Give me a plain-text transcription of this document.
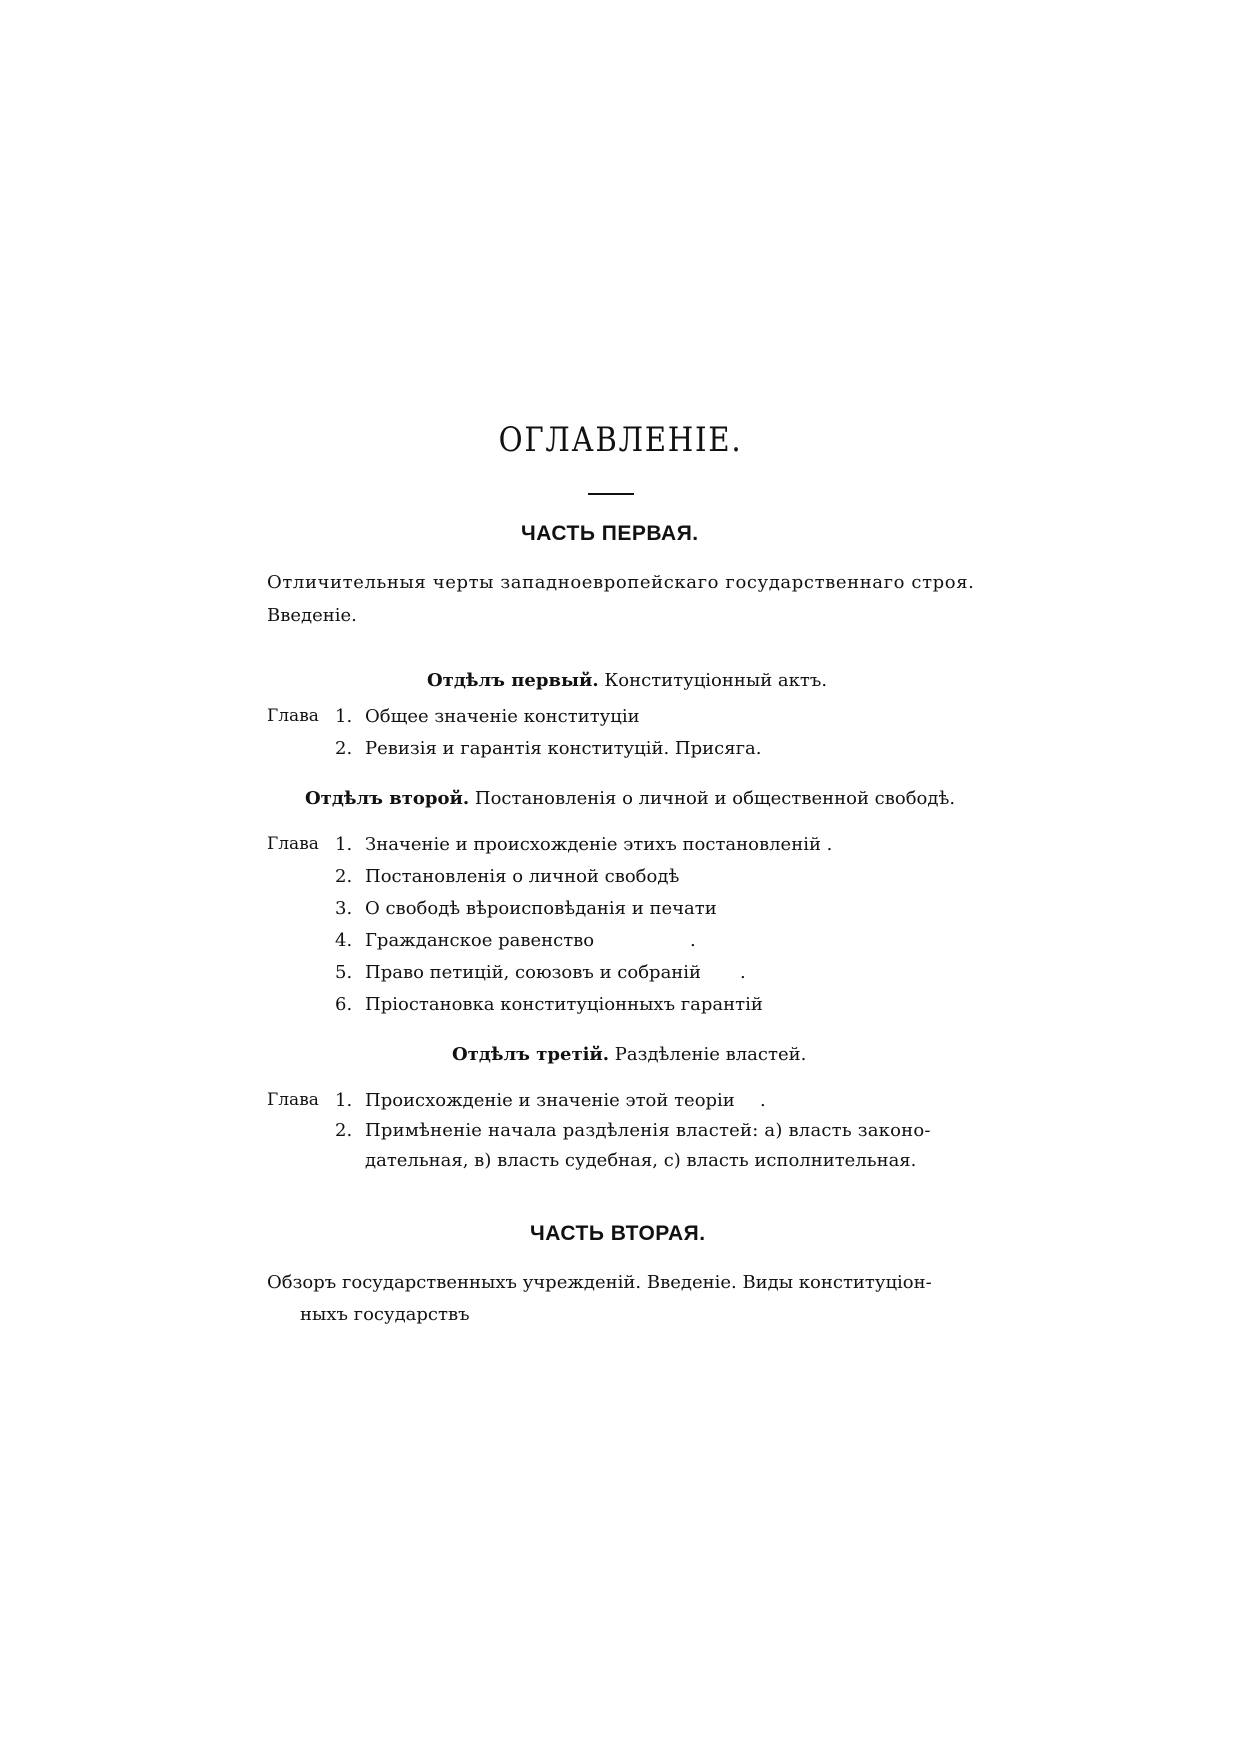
ОГЛАВЛЕНІЕ.
ЧАСТЬ ПЕРВАЯ.
Отличительныя черты западноевропейскаго государственнаго строя.
Введеніе.
Отдѣлъ первый. Конституціонный актъ.
Глава 1. Общее значеніе конституціи
2. Ревизія и гарантія конституцій. Присяга.
Отдѣлъ второй. Постановленія о личной и общественной свободѣ.
Глава 1. Значеніе и происхожденіе этихъ постановленій .
2. Постановленія о личной свободѣ
3. О свободѣ вѣроисповѣданія и печати
4. Гражданское равенство	.
5. Право петицій, союзовъ и собраній .
6. Пріостановка конституціонныхъ гарантій
Отдѣлъ третій. Раздѣленіе властей.
Глава 1. Происхожденіе и значеніе этой теоріи .
2. Примѣненіе начала раздѣленія властей: а) власть законо-
дательная, в) власть судебная, с) власть исполнительная.
ЧАСТЬ ВТОРАЯ.
Обзоръ государственныхъ учрежденій. Введеніе. Виды конституціон-
ныхъ государствъ
